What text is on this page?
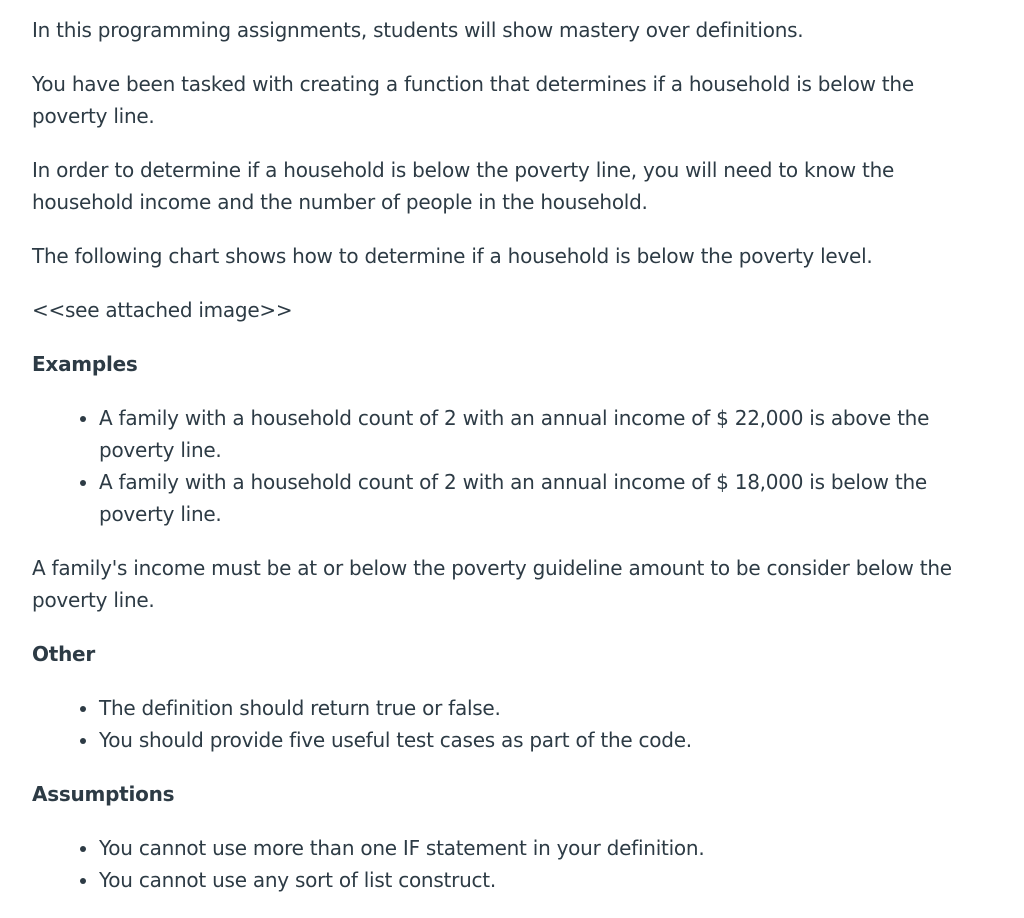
In this programming assignments, students will show mastery over definitions.

You have been tasked with creating a function that determines if a household is below the poverty line.

In order to determine if a household is below the poverty line, you will need to know the household income and the number of people in the household.

The following chart shows how to determine if a household is below the poverty level.

<<see attached image>>

Examples
• A family with a household count of 2 with an annual income of $ 22,000 is above the poverty line.
• A family with a household count of 2 with an annual income of $ 18,000 is below the poverty line.

A family's income must be at or below the poverty guideline amount to be consider below the poverty line.

Other
• The definition should return true or false.
• You should provide five useful test cases as part of the code.
Assumptions
• You cannot use more than one IF statement in your definition.
• You cannot use any sort of list construct.
